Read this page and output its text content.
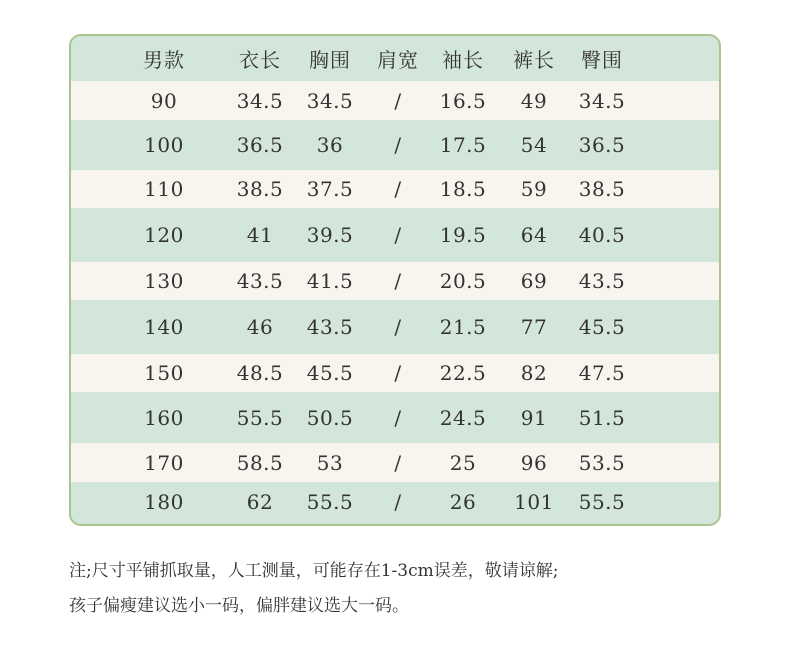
男款	衣长	胸围	肩宽	袖长	裤长	臀围
90	34.5	34.5	/	16.5	49	34.5
100	36.5	36	/	17.5	54	36.5
110	38.5	37.5	/	18.5	59	38.5
120	41	39.5	/	19.5	64	40.5
130	43.5	41.5	/	20.5	69	43.5
140	46	43.5	/	21.5	77	45.5
150	48.5	45.5	/	22.5	82	47.5
160	55.5	50.5	/	24.5	91	51.5
170	58.5	53	/	25	96	53.5
180	62	55.5	/	26	101	55.5
注;尺寸平铺抓取量，人工测量，可能存在1-3cm误差，敬请谅解;
孩子偏瘦建议选小一码，偏胖建议选大一码。
